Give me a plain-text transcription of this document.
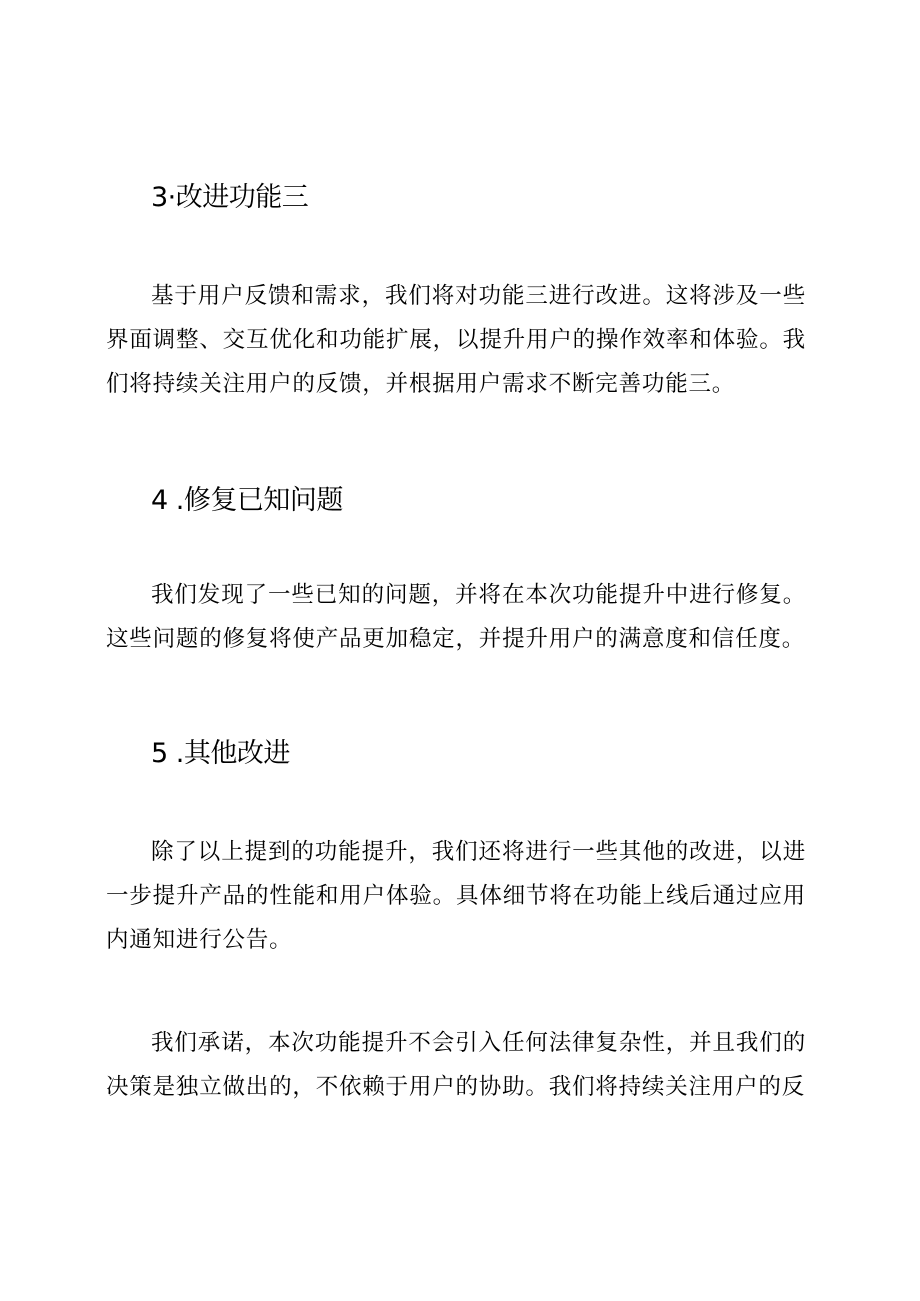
3·改进功能三

基于用户反馈和需求，我们将对功能三进行改进。这将涉及一些界面调整、交互优化和功能扩展，以提升用户的操作效率和体验。我们将持续关注用户的反馈，并根据用户需求不断完善功能三。

4 .修复已知问题

我们发现了一些已知的问题，并将在本次功能提升中进行修复。这些问题的修复将使产品更加稳定，并提升用户的满意度和信任度。

5 .其他改进

除了以上提到的功能提升，我们还将进行一些其他的改进，以进一步提升产品的性能和用户体验。具体细节将在功能上线后通过应用内通知进行公告。

我们承诺，本次功能提升不会引入任何法律复杂性，并且我们的决策是独立做出的，不依赖于用户的协助。我们将持续关注用户的反
